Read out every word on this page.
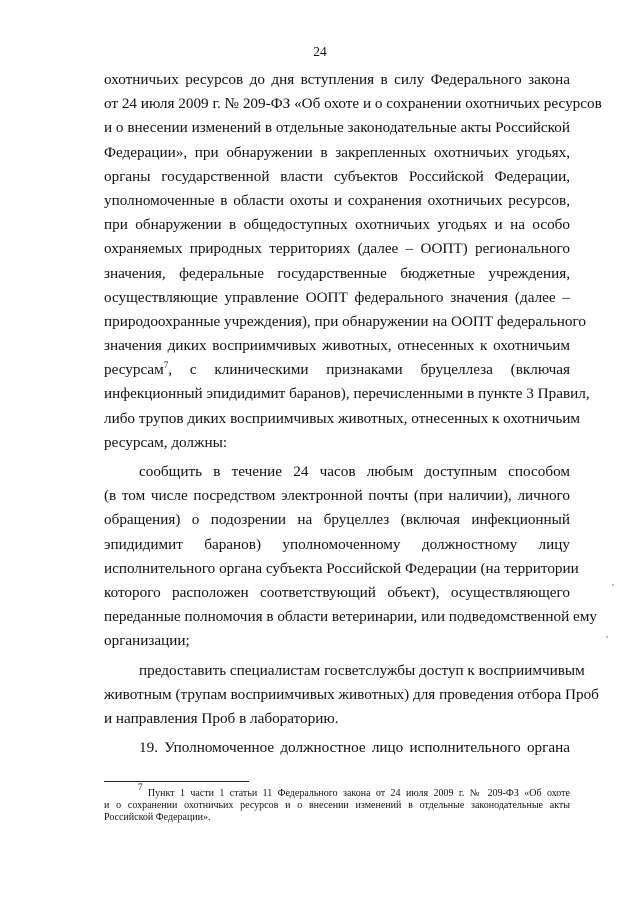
24
охотничьих ресурсов до дня вступления в силу Федерального закона
от 24 июля 2009 г. № 209-ФЗ «Об охоте и о сохранении охотничьих ресурсов
и о внесении изменений в отдельные законодательные акты Российской
Федерации», при обнаружении в закрепленных охотничьих угодьях,
органы государственной власти субъектов Российской Федерации,
уполномоченные в области охоты и сохранения охотничьих ресурсов,
при обнаружении в общедоступных охотничьих угодьях и на особо
охраняемых природных территориях (далее – ООПТ) регионального
значения, федеральные государственные бюджетные учреждения,
осуществляющие управление ООПТ федерального значения (далее –
природоохранные учреждения), при обнаружении на ООПТ федерального
значения диких восприимчивых животных, отнесенных к охотничьим
ресурсам$^7$, с клиническими признаками бруцеллеза (включая
инфекционный эпидидимит баранов), перечисленными в пункте 3 Правил,
либо трупов диких восприимчивых животных, отнесенных к охотничьим
ресурсам, должны:
сообщить в течение 24 часов любым доступным способом
(в том числе посредством электронной почты (при наличии), личного
обращения) о подозрении на бруцеллез (включая инфекционный
эпидидимит баранов) уполномоченному должностному лицу
исполнительного органа субъекта Российской Федерации (на территории
которого расположен соответствующий объект), осуществляющего
переданные полномочия в области ветеринарии, или подведомственной ему
организации;
предоставить специалистам госветслужбы доступ к восприимчивым
животным (трупам восприимчивых животных) для проведения отбора Проб
и направления Проб в лабораторию.
19. Уполномоченное должностное лицо исполнительного органа
$^7$ Пункт 1 части 1 статьи 11 Федерального закона от 24 июля 2009 г. № 209-ФЗ «Об охоте
и о сохранении охотничьих ресурсов и о внесении изменений в отдельные законодательные акты
Российской Федерации».
